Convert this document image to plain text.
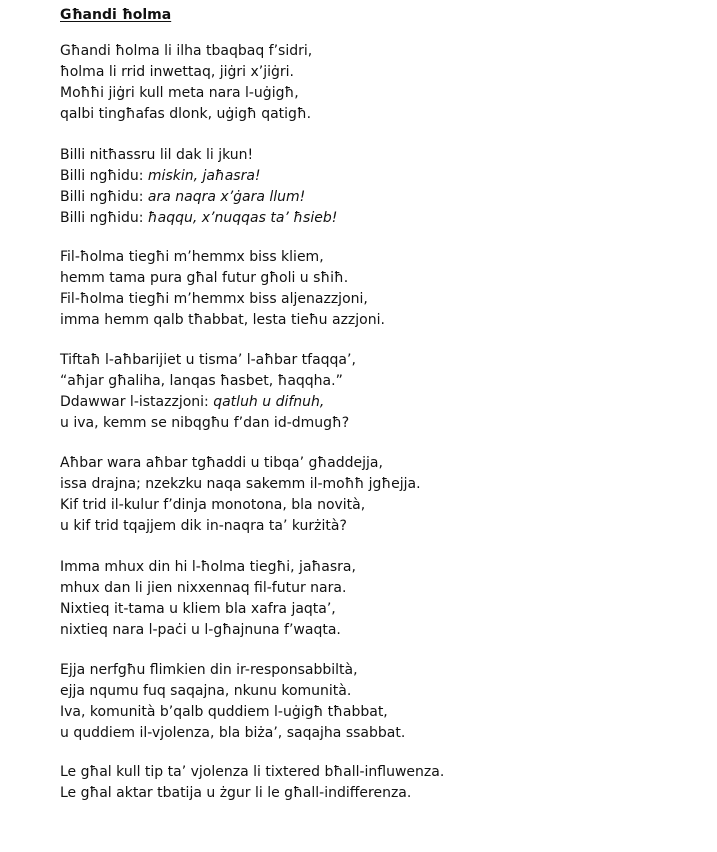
Għandi ħolma
Għandi ħolma li ilha tbaqbaq f’sidri,
ħolma li rrid inwettaq, jiġri x’jiġri.
Moħħi jiġri kull meta nara l-uġigħ,
qalbi tingħafas dlonk, uġigħ qatigħ.
Billi nitħassru lil dak li jkun!
Billi ngħidu: miskin, jaħasra!
Billi ngħidu: ara naqra x’ġara llum!
Billi ngħidu: ħaqqu, x’nuqqas ta’ ħsieb!
Fil-ħolma tiegħi m’hemmx biss kliem,
hemm tama pura għal futur għoli u sħiħ.
Fil-ħolma tiegħi m’hemmx biss aljenazzjoni,
imma hemm qalb tħabbat, lesta tieħu azzjoni.
Tiftaħ l-aħbarijiet u tisma’ l-aħbar tfaqqa’,
“aħjar għaliha, lanqas ħasbet, ħaqqha.”
Ddawwar l-istazzjoni: qatluh u difnuh,
u iva, kemm se nibqgħu f’dan id-dmugħ?
Aħbar wara aħbar tgħaddi u tibqa’ għaddejja,
issa drajna; nzekzku naqa sakemm il-moħħ jgħejja.
Kif trid il-kulur f’dinja monotona, bla novità,
u kif trid tqajjem dik in-naqra ta’ kurżità?
Imma mhux din hi l-ħolma tiegħi, jaħasra,
mhux dan li jien nixxennaq fil-futur nara.
Nixtieq it-tama u kliem bla xafra jaqta’,
nixtieq nara l-paċi u l-għajnuna f’waqta.
Ejja nerfgħu flimkien din ir-responsabbiltà,
ejja nqumu fuq saqajna, nkunu komunità.
Iva, komunità b’qalb quddiem l-uġigħ tħabbat,
u quddiem il-vjolenza, bla biża’, saqajha ssabbat.
Le għal kull tip ta’ vjolenza li tixtered bħall-influwenza.
Le għal aktar tbatija u żgur li le għall-indifferenza.
